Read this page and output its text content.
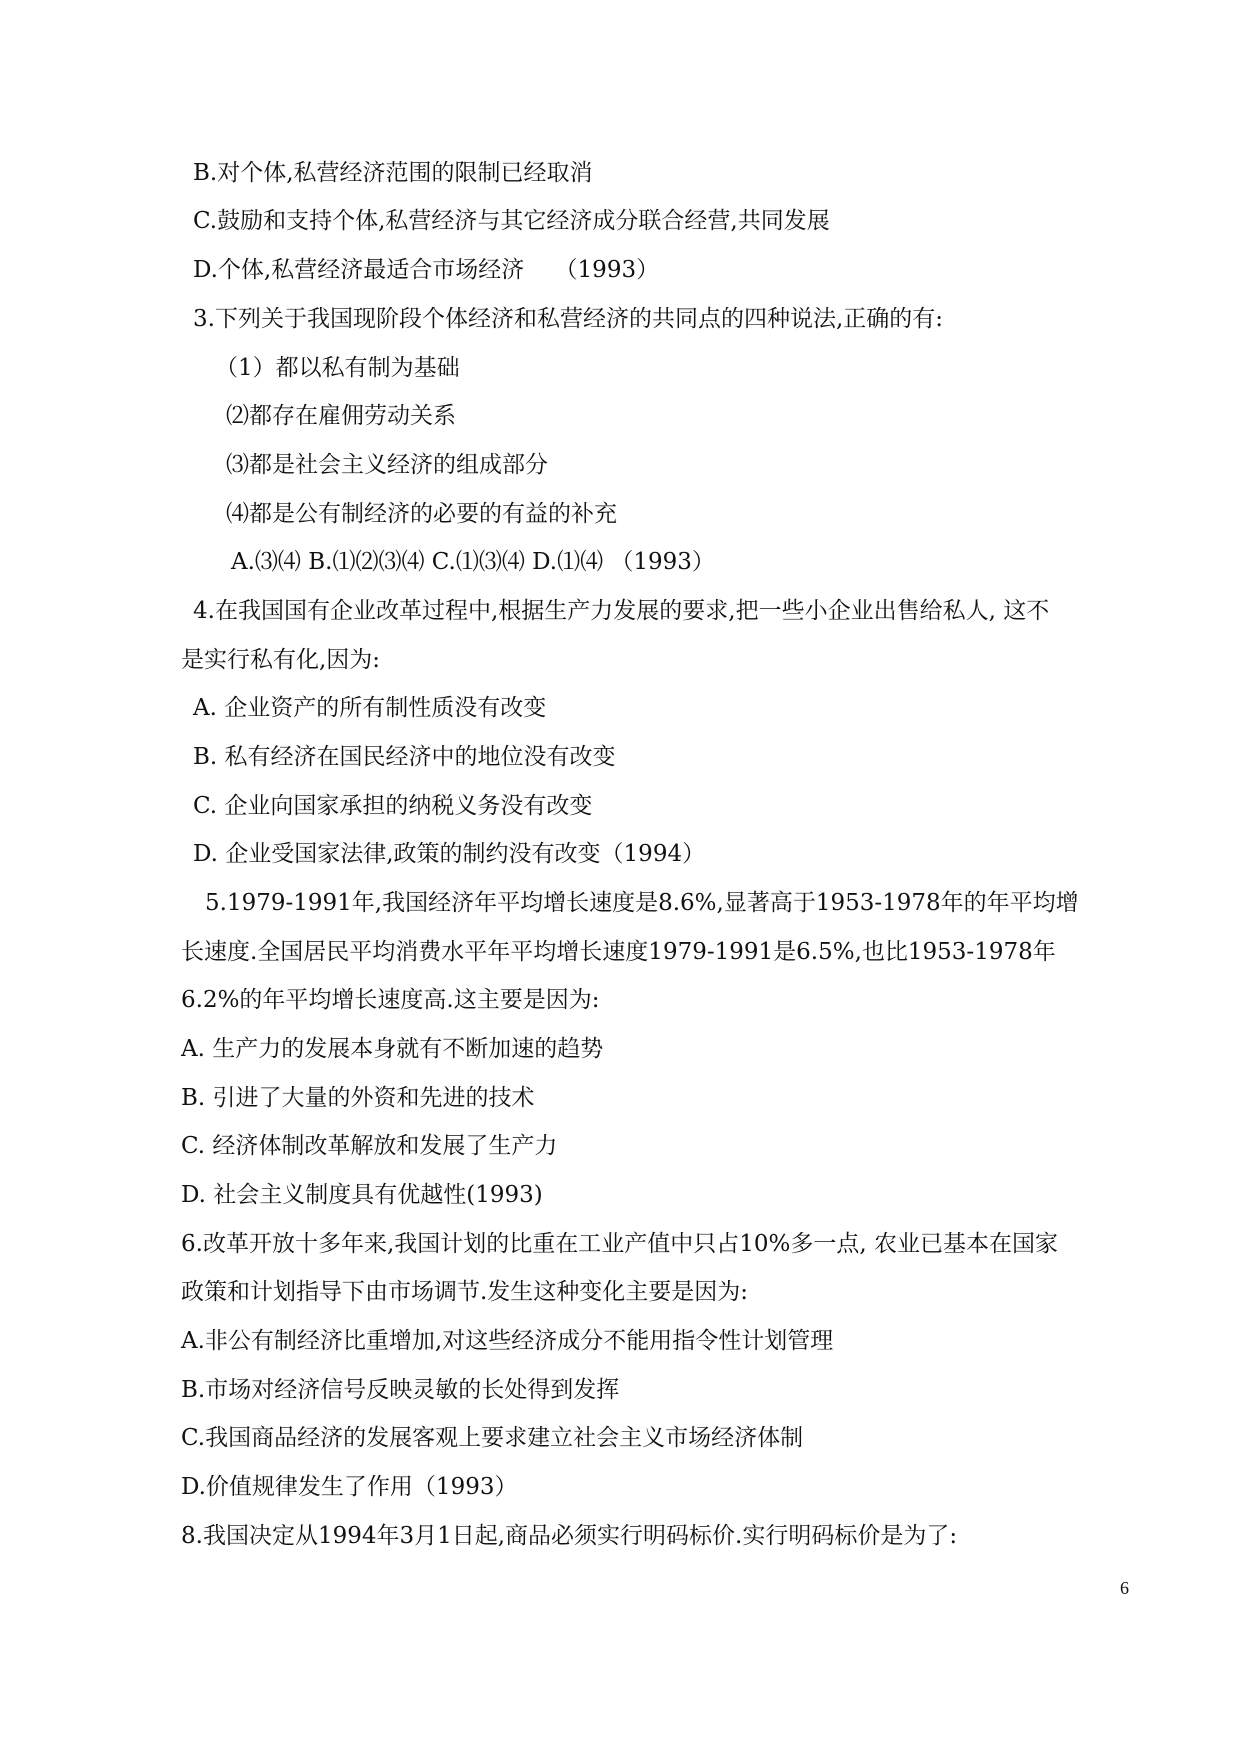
B.对个体,私营经济范围的限制已经取消
C.鼓励和支持个体,私营经济与其它经济成分联合经营,共同发展
D.个体,私营经济最适合市场经济　 （1993）
3.下列关于我国现阶段个体经济和私营经济的共同点的四种说法,正确的有:
（1）都以私有制为基础
⑵都存在雇佣劳动关系
⑶都是社会主义经济的组成部分
⑷都是公有制经济的必要的有益的补充
A.⑶⑷ B.⑴⑵⑶⑷ C.⑴⑶⑷ D.⑴⑷ （1993）
4.在我国国有企业改革过程中,根据生产力发展的要求,把一些小企业出售给私人, 这不
是实行私有化,因为:
A. 企业资产的所有制性质没有改变
B. 私有经济在国民经济中的地位没有改变
C. 企业向国家承担的纳税义务没有改变
D. 企业受国家法律,政策的制约没有改变（1994）
5.1979-1991年,我国经济年平均增长速度是8.6%,显著高于1953-1978年的年平均增
长速度.全国居民平均消费水平年平均增长速度1979-1991是6.5%,也比1953-1978年
6.2%的年平均增长速度高.这主要是因为:
A. 生产力的发展本身就有不断加速的趋势
B. 引进了大量的外资和先进的技术
C. 经济体制改革解放和发展了生产力
D. 社会主义制度具有优越性(1993)
6.改革开放十多年来,我国计划的比重在工业产值中只占10%多一点, 农业已基本在国家
政策和计划指导下由市场调节.发生这种变化主要是因为:
A.非公有制经济比重增加,对这些经济成分不能用指令性计划管理
B.市场对经济信号反映灵敏的长处得到发挥
C.我国商品经济的发展客观上要求建立社会主义市场经济体制
D.价值规律发生了作用（1993）
8.我国决定从1994年3月1日起,商品必须实行明码标价.实行明码标价是为了:
6
